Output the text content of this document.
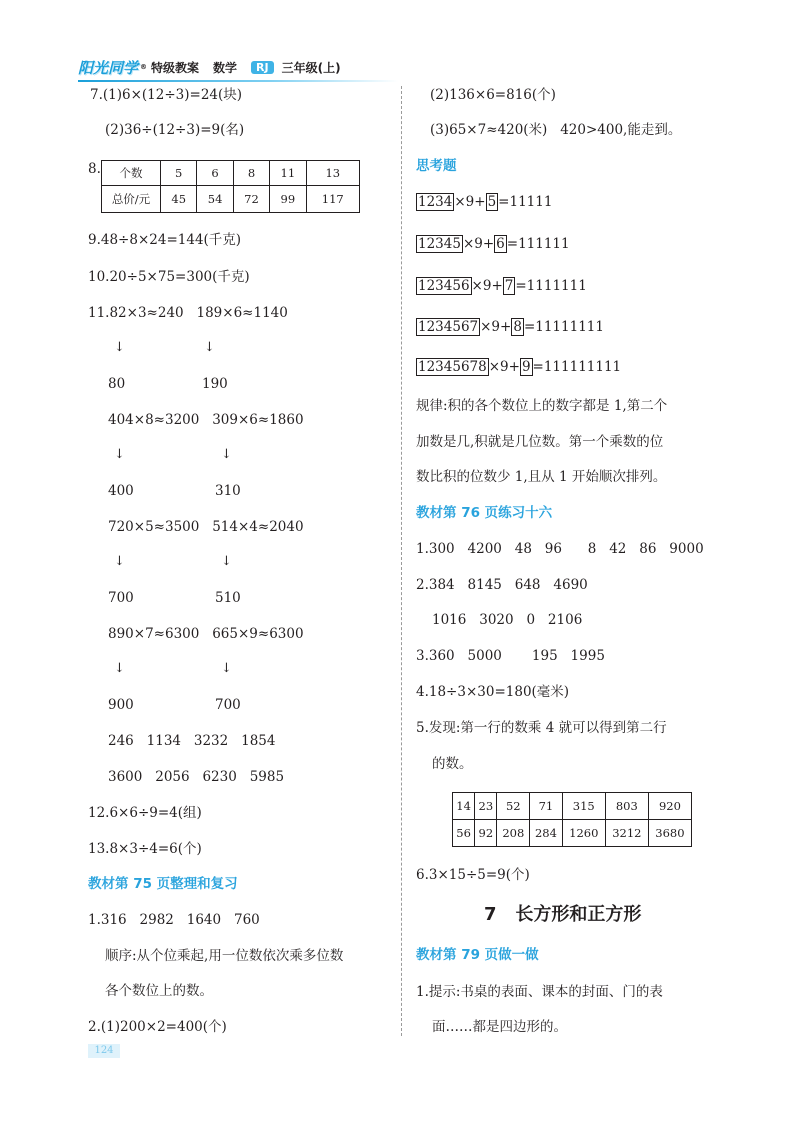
阳光同学 ® 特级教案 数学	RJ	三年级(上)
7.(1)6×(12÷3)=24(块)
(2)36÷(12÷3)=9(名)
8. 个数	5	6	8	11	13
总价/元	45	54	72	99	117
9.48÷8×24=144(千克)
10.20÷5×75=300(千克)
11.82×3≈240   189×6≈1140
↓	↓
80	190
404×8≈3200   309×6≈1860
↓	↓
400	310
720×5≈3500   514×4≈2040
↓	↓
700	510
890×7≈6300   665×9≈6300
↓	↓
900	700
246   1134   3232   1854
3600   2056   6230   5985
12.6×6÷9=4(组)
13.8×3÷4=6(个)
教材第 75 页整理和复习
1.316   2982   1640   760
顺序:从个位乘起,用一位数依次乘多位数
各个数位上的数。
2.(1)200×2=400(个)
(2)136×6=816(个)
(3)65×7≈420(米)   420>400,能走到。
思考题
1234 ×9+ 5 =11111
12345 ×9+ 6 =111111
123456 ×9+ 7 =1111111
1234567 ×9+ 8 =11111111
12345678 ×9+ 9 =111111111
规律:积的各个数位上的数字都是 1,第二个
加数是几,积就是几位数。第一个乘数的位
数比积的位数少 1,且从 1 开始顺次排列。
教材第 76 页练习十六
1.300   4200   48   96      8   42   86   9000
2.384   8145   648   4690
1016   3020   0   2106
3.360   5000       195   1995
4.18÷3×30=180(毫米)
5.发现:第一行的数乘 4 就可以得到第二行
的数。
14	23	52	71	315	803	920
56	92	208	284	1260	3212	3680
6.3×15÷5=9(个)
7   长方形和正方形
教材第 79 页做一做
1.提示:书桌的表面、课本的封面、门的表
面……都是四边形的。
124
